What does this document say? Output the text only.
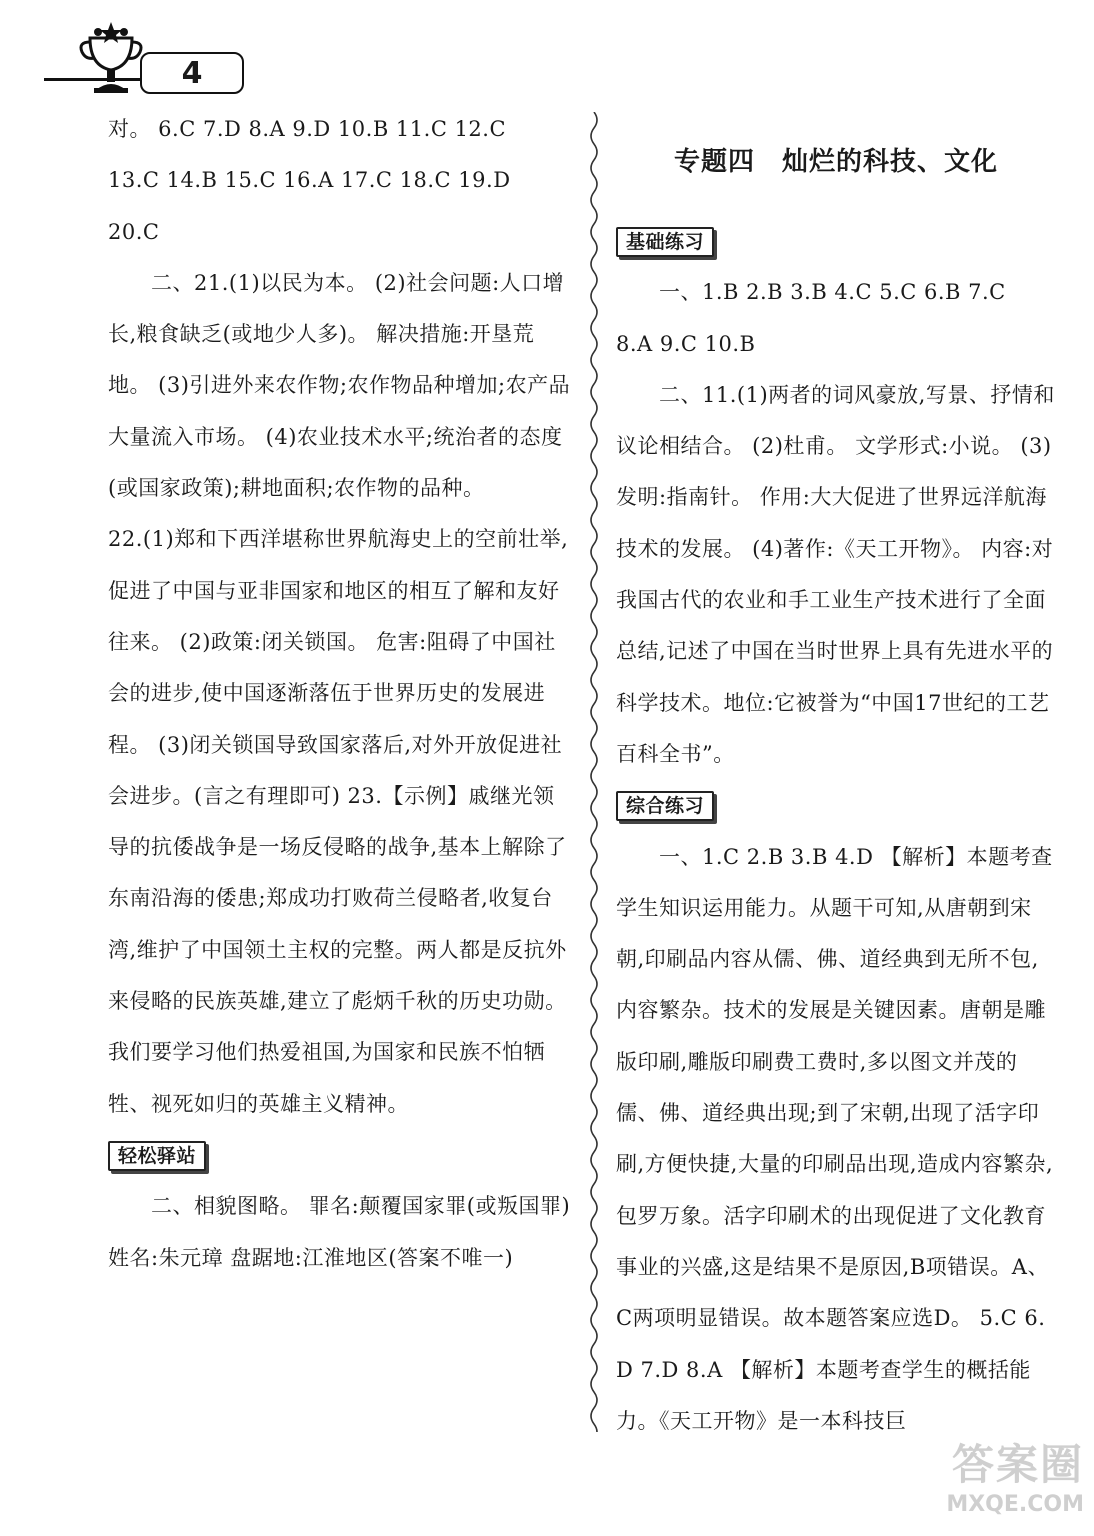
4

对。 6.C 7.D 8.A 9.D 10.B 11.C 12.C

13.C 14.B 15.C 16.A 17.C 18.C 19.D

20.C

　　二、21.(1)以民为本。 (2)社会问题:人口增长,粮食缺乏(或地少人多)。 解决措施:开垦荒地。 (3)引进外来农作物;农作物品种增加;农产品大量流入市场。 (4)农业技术水平;统治者的态度(或国家政策);耕地面积;农作物的品种。

22.(1)郑和下西洋堪称世界航海史上的空前壮举,促进了中国与亚非国家和地区的相互了解和友好往来。 (2)政策:闭关锁国。 危害:阻碍了中国社会的进步,使中国逐渐落伍于世界历史的发展进程。 (3)闭关锁国导致国家落后,对外开放促进社会进步。(言之有理即可) 23.【示例】戚继光领导的抗倭战争是一场反侵略的战争,基本上解除了东南沿海的倭患;郑成功打败荷兰侵略者,收复台湾,维护了中国领土主权的完整。两人都是反抗外来侵略的民族英雄,建立了彪炳千秋的历史功勋。我们要学习他们热爱祖国,为国家和民族不怕牺牲、视死如归的英雄主义精神。

轻松驿站

　　二、相貌图略。 罪名:颠覆国家罪(或叛国罪) 姓名:朱元璋 盘踞地:江淮地区(答案不唯一)

专题四　灿烂的科技、文化
基础练习

　　一、1.B 2.B 3.B 4.C 5.C 6.B 7.C

8.A 9.C 10.B

　　二、11.(1)两者的词风豪放,写景、抒情和议论相结合。 (2)杜甫。 文学形式:小说。 (3)发明:指南针。 作用:大大促进了世界远洋航海技术的发展。 (4)著作:《天工开物》。 内容:对我国古代的农业和手工业生产技术进行了全面总结,记述了中国在当时世界上具有先进水平的科学技术。地位:它被誉为“中国17世纪的工艺百科全书”。

综合练习

　　一、1.C 2.B 3.B 4.D 【解析】本题考查学生知识运用能力。从题干可知,从唐朝到宋朝,印刷品内容从儒、佛、道经典到无所不包,内容繁杂。技术的发展是关键因素。唐朝是雕版印刷,雕版印刷费工费时,多以图文并茂的儒、佛、道经典出现;到了宋朝,出现了活字印刷,方便快捷,大量的印刷品出现,造成内容繁杂,包罗万象。活字印刷术的出现促进了文化教育事业的兴盛,这是结果不是原因,B项错误。A、C两项明显错误。故本题答案应选D。 5.C 6.D 7.D 8.A 【解析】本题考查学生的概括能力。《天工开物》是一本科技巨

答案圈
MXQE.COM
